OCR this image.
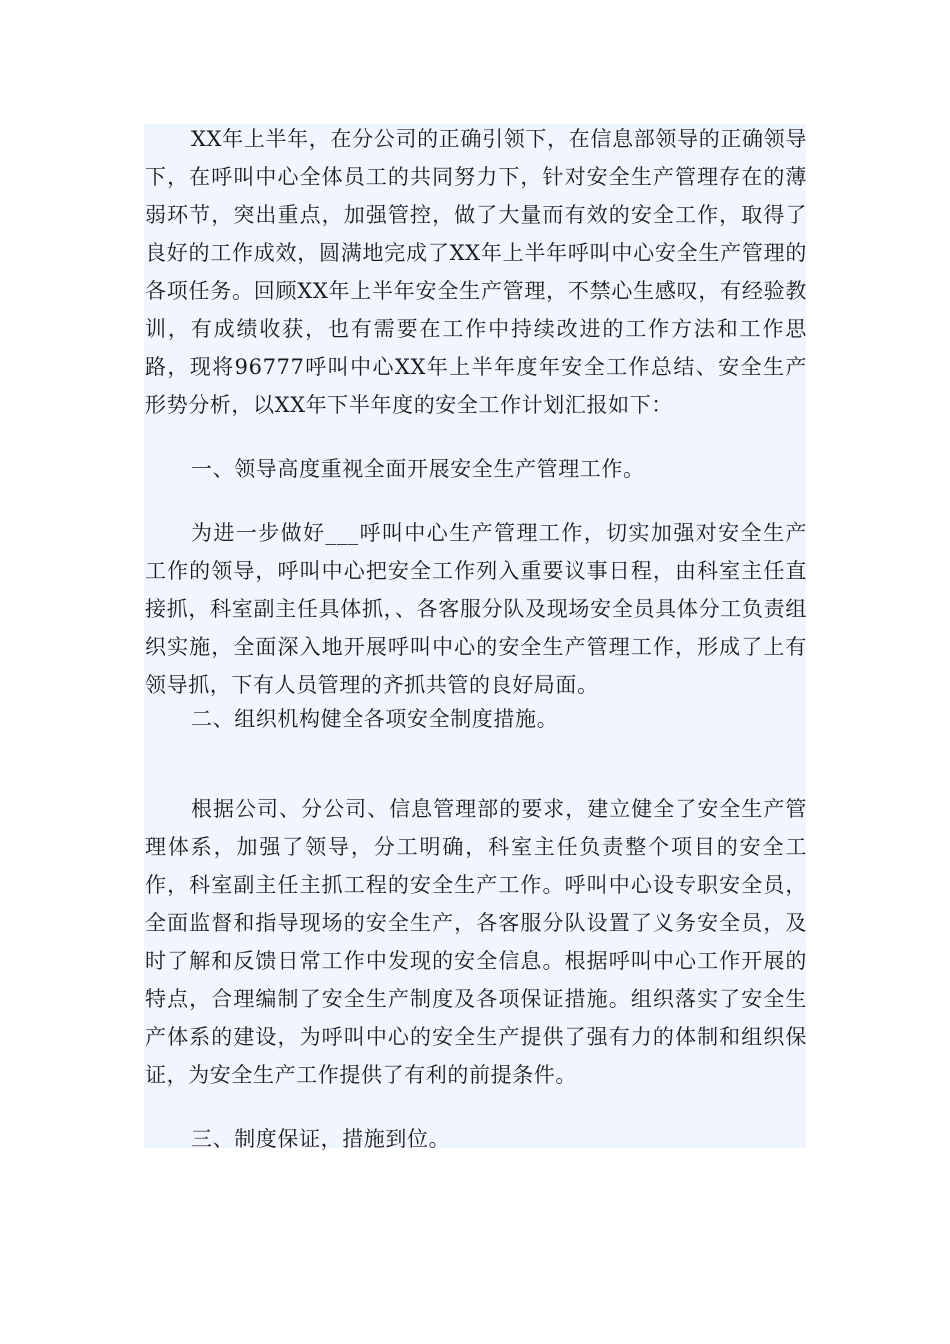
XX年上半年，在分公司的正确引领下，在信息部领导的正确领导下，在呼叫中心全体员工的共同努力下，针对安全生产管理存在的薄弱环节，突出重点，加强管控，做了大量而有效的安全工作，取得了良好的工作成效，圆满地完成了XX年上半年呼叫中心安全生产管理的各项任务。回顾XX年上半年安全生产管理，不禁心生感叹，有经验教训，有成绩收获，也有需要在工作中持续改进的工作方法和工作思路，现将96777呼叫中心XX年上半年度年安全工作总结、安全生产形势分析，以XX年下半年度的安全工作计划汇报如下：

一、领导高度重视全面开展安全生产管理工作。

为进一步做好___呼叫中心生产管理工作，切实加强对安全生产工作的领导，呼叫中心把安全工作列入重要议事日程，由科室主任直接抓，科室副主任具体抓，、各客服分队及现场安全员具体分工负责组织实施，全面深入地开展呼叫中心的安全生产管理工作，形成了上有领导抓，下有人员管理的齐抓共管的良好局面。

二、组织机构健全各项安全制度措施。

根据公司、分公司、信息管理部的要求，建立健全了安全生产管理体系，加强了领导，分工明确，科室主任负责整个项目的安全工作，科室副主任主抓工程的安全生产工作。呼叫中心设专职安全员，全面监督和指导现场的安全生产，各客服分队设置了义务安全员，及时了解和反馈日常工作中发现的安全信息。根据呼叫中心工作开展的特点，合理编制了安全生产制度及各项保证措施。组织落实了安全生产体系的建设，为呼叫中心的安全生产提供了强有力的体制和组织保证，为安全生产工作提供了有利的前提条件。

三、制度保证，措施到位。
